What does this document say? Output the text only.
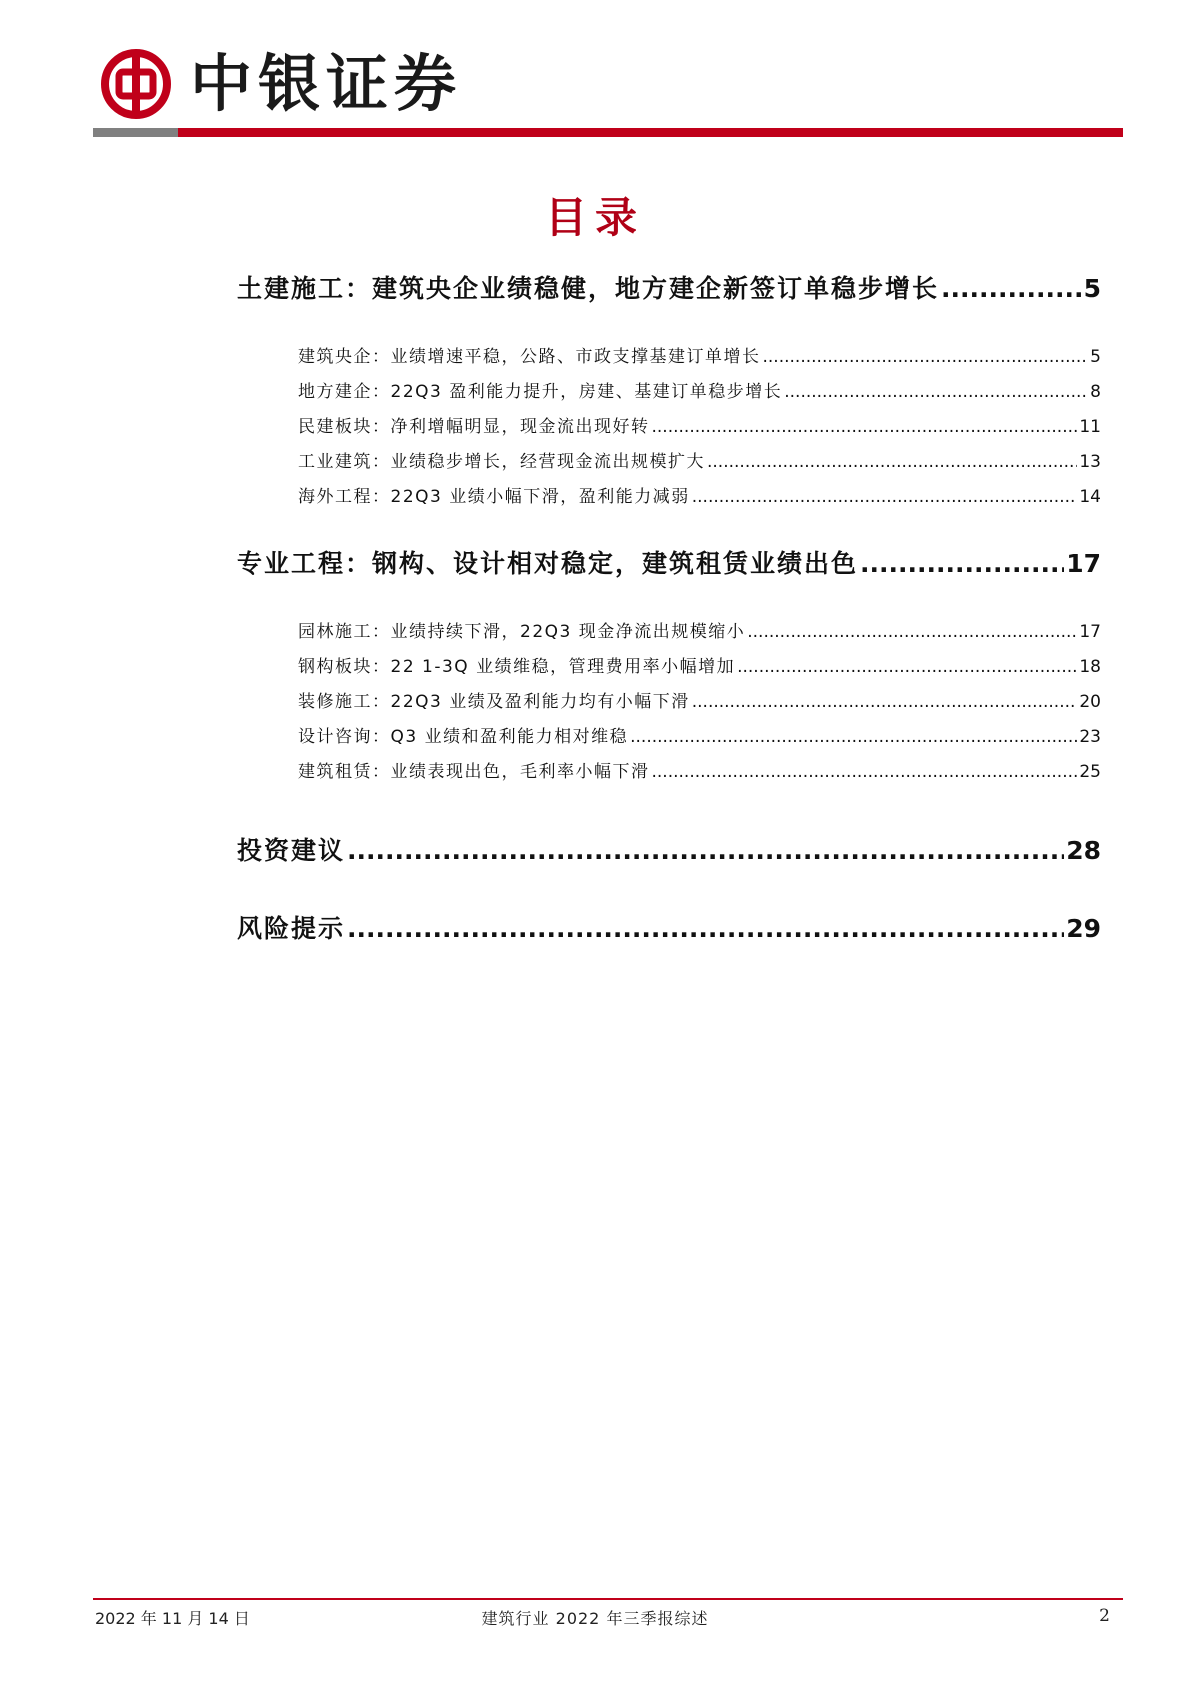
中银证券
目录
土建施工：建筑央企业绩稳健，地方建企新签订单稳步增长 .....	5
建筑央企：业绩增速平稳，公路、市政支撑基建订单增长 .....	5
地方建企：22Q3 盈利能力提升，房建、基建订单稳步增长 .....	8
民建板块：净利增幅明显，现金流出现好转 .....	11
工业建筑：业绩稳步增长，经营现金流出规模扩大 .....	13
海外工程：22Q3 业绩小幅下滑，盈利能力减弱 .....	14
专业工程：钢构、设计相对稳定，建筑租赁业绩出色 .....	17
园林施工：业绩持续下滑，22Q3 现金净流出规模缩小 .....	17
钢构板块：22 1-3Q 业绩维稳，管理费用率小幅增加 .....	18
装修施工：22Q3 业绩及盈利能力均有小幅下滑 .....	20
设计咨询：Q3 业绩和盈利能力相对维稳 .....	23
建筑租赁：业绩表现出色，毛利率小幅下滑 .....	25
投资建议 .....	28
风险提示 .....	29
2022 年 11 月 14 日	建筑行业 2022 年三季报综述	2
